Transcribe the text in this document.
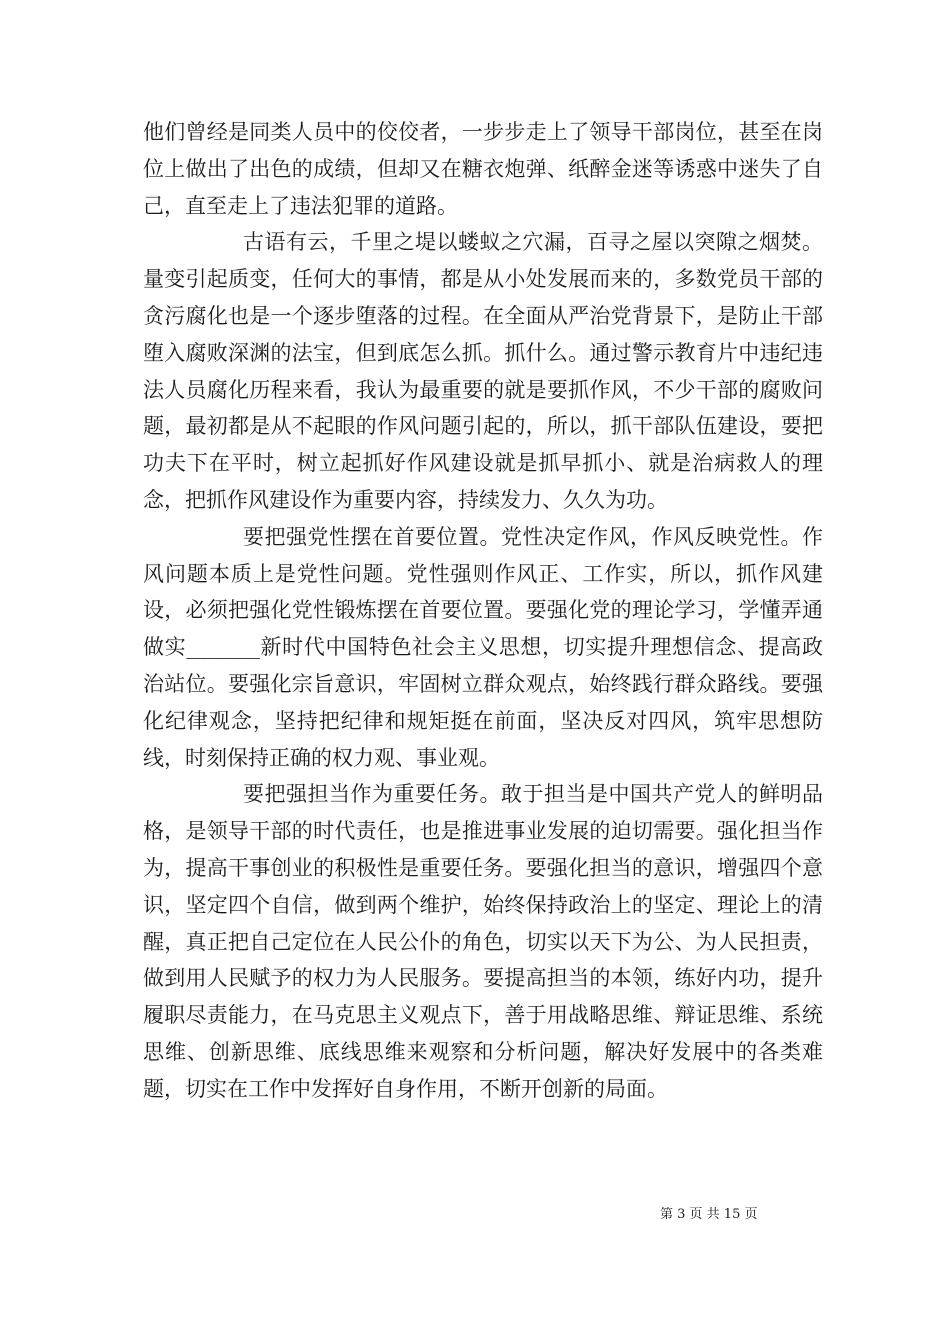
他们曾经是同类人员中的佼佼者，一步步走上了领导干部岗位，甚至在岗位上做出了出色的成绩，但却又在糖衣炮弹、纸醉金迷等诱惑中迷失了自己，直至走上了违法犯罪的道路。

古语有云，千里之堤以蝼蚁之穴漏，百寻之屋以突隙之烟焚。量变引起质变，任何大的事情，都是从小处发展而来的，多数党员干部的贪污腐化也是一个逐步堕落的过程。在全面从严治党背景下，是防止干部堕入腐败深渊的法宝，但到底怎么抓。抓什么。通过警示教育片中违纪违法人员腐化历程来看，我认为最重要的就是要抓作风，不少干部的腐败问题，最初都是从不起眼的作风问题引起的，所以，抓干部队伍建设，要把功夫下在平时，树立起抓好作风建设就是抓早抓小、就是治病救人的理念，把抓作风建设作为重要内容，持续发力、久久为功。

要把强党性摆在首要位置。党性决定作风，作风反映党性。作风问题本质上是党性问题。党性强则作风正、工作实，所以，抓作风建设，必须把强化党性锻炼摆在首要位置。要强化党的理论学习，学懂弄通做实_______新时代中国特色社会主义思想，切实提升理想信念、提高政治站位。要强化宗旨意识，牢固树立群众观点，始终践行群众路线。要强化纪律观念，坚持把纪律和规矩挺在前面，坚决反对四风，筑牢思想防线，时刻保持正确的权力观、事业观。

要把强担当作为重要任务。敢于担当是中国共产党人的鲜明品格，是领导干部的时代责任，也是推进事业发展的迫切需要。强化担当作为，提高干事创业的积极性是重要任务。要强化担当的意识，增强四个意识，坚定四个自信，做到两个维护，始终保持政治上的坚定、理论上的清醒，真正把自己定位在人民公仆的角色，切实以天下为公、为人民担责，做到用人民赋予的权力为人民服务。要提高担当的本领，练好内功，提升履职尽责能力，在马克思主义观点下，善于用战略思维、辩证思维、系统思维、创新思维、底线思维来观察和分析问题，解决好发展中的各类难题，切实在工作中发挥好自身作用，不断开创新的局面。

第 3 页 共 15 页
